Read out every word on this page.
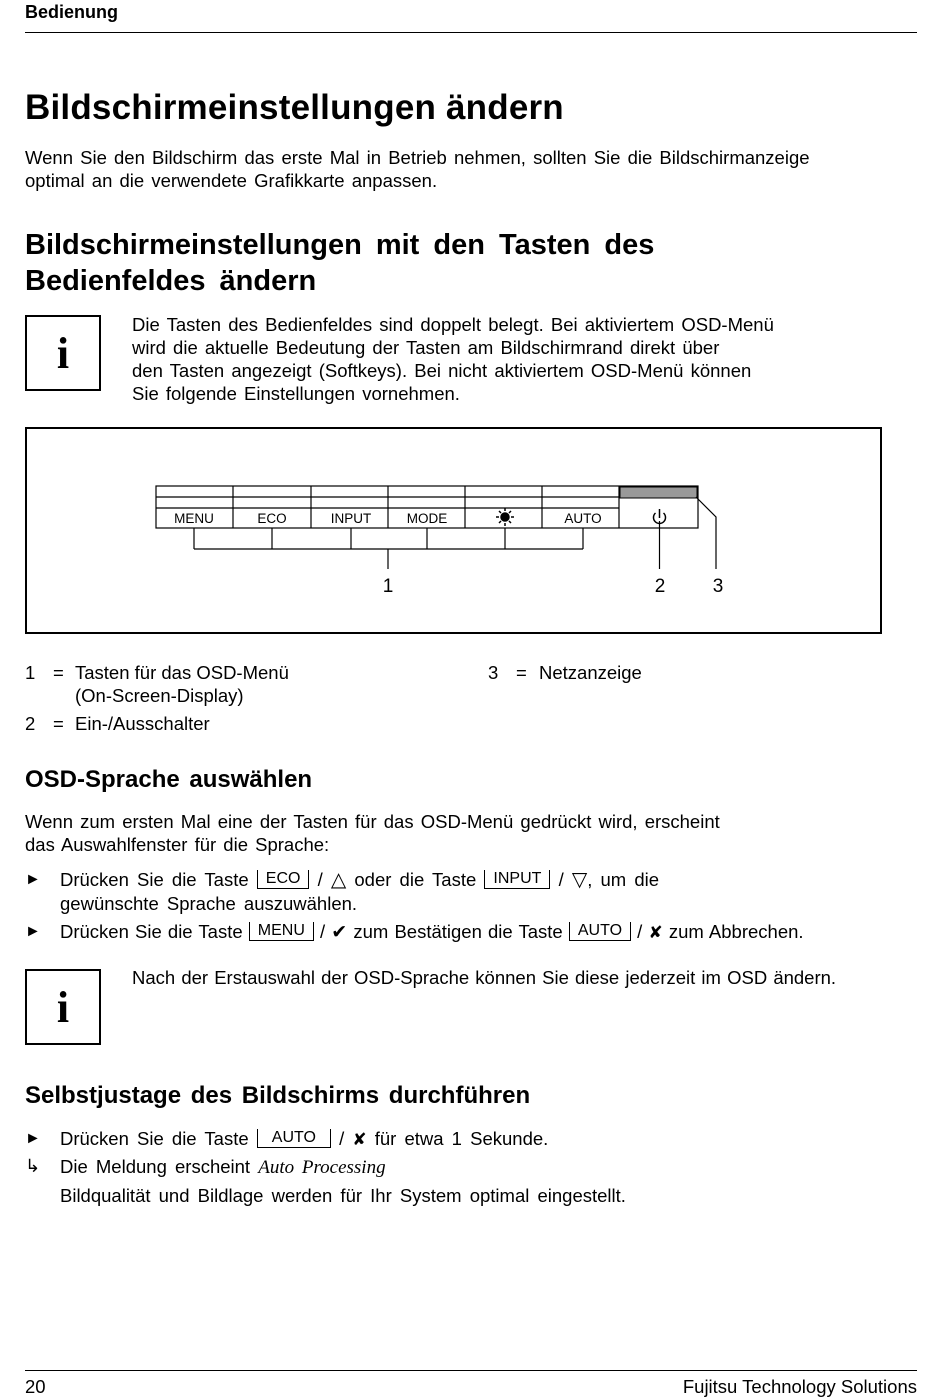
Bedienung
Bildschirmeinstellungen ändern
Wenn Sie den Bildschirm das erste Mal in Betrieb nehmen, sollten Sie die Bildschirmanzeige
optimal an die verwendete Grafikkarte anpassen.
Bildschirmeinstellungen mit den Tasten des
Bedienfeldes ändern
i
Die Tasten des Bedienfeldes sind doppelt belegt. Bei aktiviertem OSD-Menü
wird die aktuelle Bedeutung der Tasten am Bildschirmrand direkt über
den Tasten angezeigt (Softkeys). Bei nicht aktiviertem OSD-Menü können
Sie folgende Einstellungen vornehmen.
MENU	ECO	INPUT	MODE	AUTO
1	2 3
1 = Tasten für das OSD-Menü
(On-Screen-Display)
2 = Ein-/Ausschalter
3 = Netzanzeige
OSD-Sprache auswählen
Wenn zum ersten Mal eine der Tasten für das OSD-Menü gedrückt wird, erscheint
das Auswahlfenster für die Sprache:
►	Drücken Sie die Taste ECO / △ oder die Taste INPUT / ▽, um die
gewünschte Sprache auszuwählen.
►	Drücken Sie die Taste MENU / ✔ zum Bestätigen die Taste AUTO / ✘ zum Abbrechen.
i
Nach der Erstauswahl der OSD-Sprache können Sie diese jederzeit im OSD ändern.
Selbstjustage des Bildschirms durchführen
►	Drücken Sie die Taste AUTO / ✘ für etwa 1 Sekunde.
↳	Die Meldung erscheint Auto Processing
Bildqualität und Bildlage werden für Ihr System optimal eingestellt.
20	Fujitsu Technology Solutions
